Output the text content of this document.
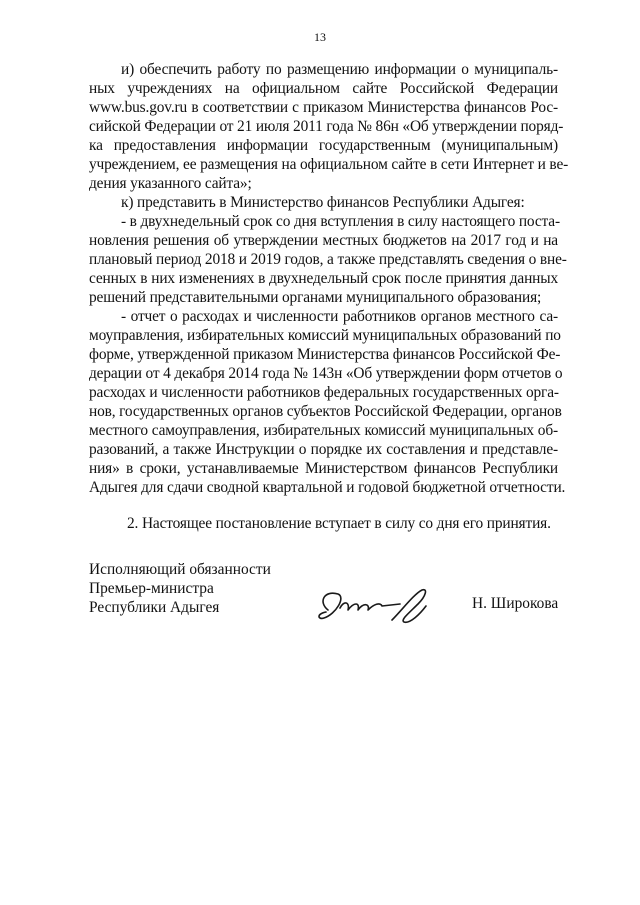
13
и) обеспечить работу по размещению информации о муниципаль-
ных учреждениях на официальном сайте Российской Федерации
www.bus.gov.ru в соответствии с приказом Министерства финансов Рос-
сийской Федерации от 21 июля 2011 года № 86н «Об утверждении поряд-
ка предоставления информации государственным (муниципальным)
учреждением, ее размещения на официальном сайте в сети Интернет и ве-
дения указанного сайта»;
к) представить в Министерство финансов Республики Адыгея:
- в двухнедельный срок со дня вступления в силу настоящего поста-
новления решения об утверждении местных бюджетов на 2017 год и на
плановый период 2018 и 2019 годов, а также представлять сведения о вне-
сенных в них изменениях в двухнедельный срок после принятия данных
решений представительными органами муниципального образования;
- отчет о расходах и численности работников органов местного са-
моуправления, избирательных комиссий муниципальных образований по
форме, утвержденной приказом Министерства финансов Российской Фе-
дерации от 4 декабря 2014 года № 143н «Об утверждении форм отчетов о
расходах и численности работников федеральных государственных орга-
нов, государственных органов субъектов Российской Федерации, органов
местного самоуправления, избирательных комиссий муниципальных об-
разований, а также Инструкции о порядке их составления и представле-
ния» в сроки, устанавливаемые Министерством финансов Республики
Адыгея для сдачи сводной квартальной и годовой бюджетной отчетности.
2. Настоящее постановление вступает в силу со дня его принятия.
Исполняющий обязанности
Премьер-министра
Республики Адыгея	Н. Широкова
